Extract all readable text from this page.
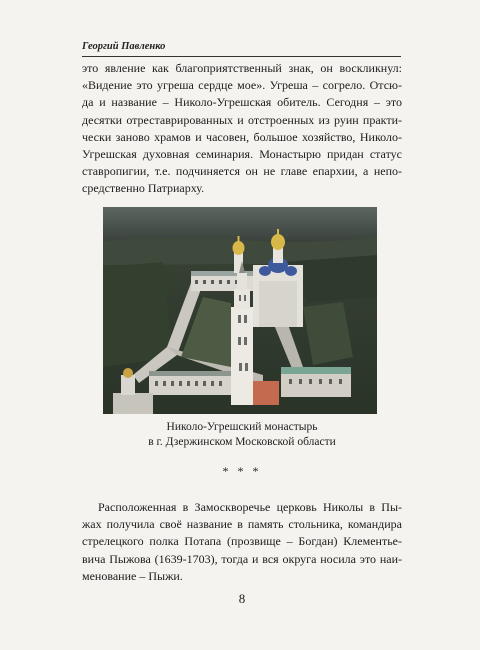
Георгий Павленко
это явление как благоприятственный знак, он воскликнул:
«Видение это угреша сердце мое». Угреша – согрело. Отсю-
да и название – Николо-Угрешская обитель. Сегодня – это
десятки отреставрированных и отстроенных из руин практи-
чески заново храмов и часовен, большое хозяйство, Николо-
Угрешская духовная семинария. Монастырю придан статус
ставропигии, т.е. подчиняется он не главе епархии, а непо-
средственно Патриарху.
Николо-Угрешский монастырь
в г. Дзержинском Московской области
* * *
Расположенная в Замоскворечье церковь Николы в Пы-
жах получила своё название в память стольника, командира
стрелецкого полка Потапа (прозвище – Богдан) Клементье-
вича Пыжова (1639-1703), тогда и вся округа носила это наи-
менование – Пыжи.
8
